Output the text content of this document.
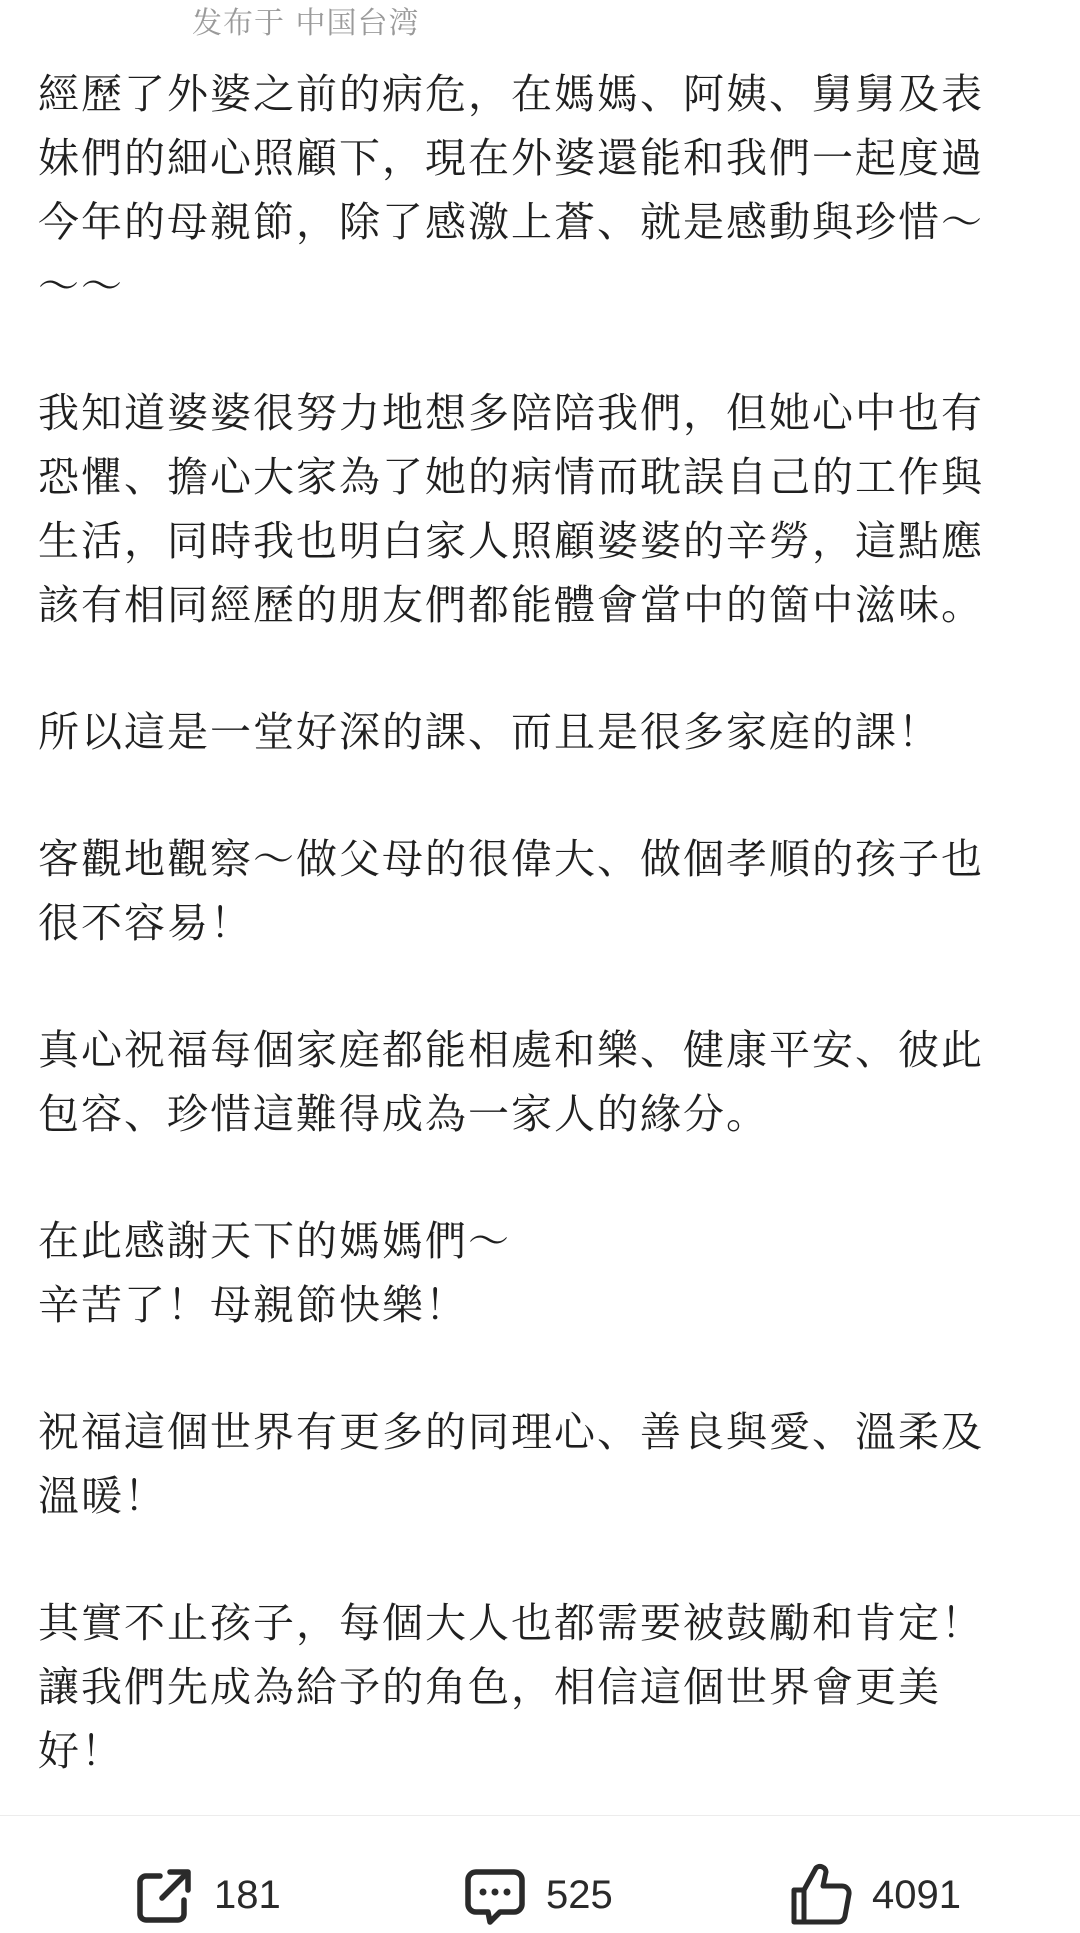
发布于 中国台湾

經歷了外婆之前的病危，在媽媽、阿姨、舅舅及表
妹們的細心照顧下，現在外婆還能和我們一起度過
今年的母親節，除了感激上蒼、就是感動與珍惜～
～～

我知道婆婆很努力地想多陪陪我們，但她心中也有
恐懼、擔心大家為了她的病情而耽誤自己的工作與
生活，同時我也明白家人照顧婆婆的辛勞，這點應
該有相同經歷的朋友們都能體會當中的箇中滋味。

所以這是一堂好深的課、而且是很多家庭的課！

客觀地觀察～做父母的很偉大、做個孝順的孩子也
很不容易！

真心祝福每個家庭都能相處和樂、健康平安、彼此
包容、珍惜這難得成為一家人的緣分。

在此感謝天下的媽媽們～
辛苦了！母親節快樂！

祝福這個世界有更多的同理心、善良與愛、溫柔及
溫暖！

其實不止孩子，每個大人也都需要被鼓勵和肯定！
讓我們先成為給予的角色，相信這個世界會更美
好！

181	525	4091
